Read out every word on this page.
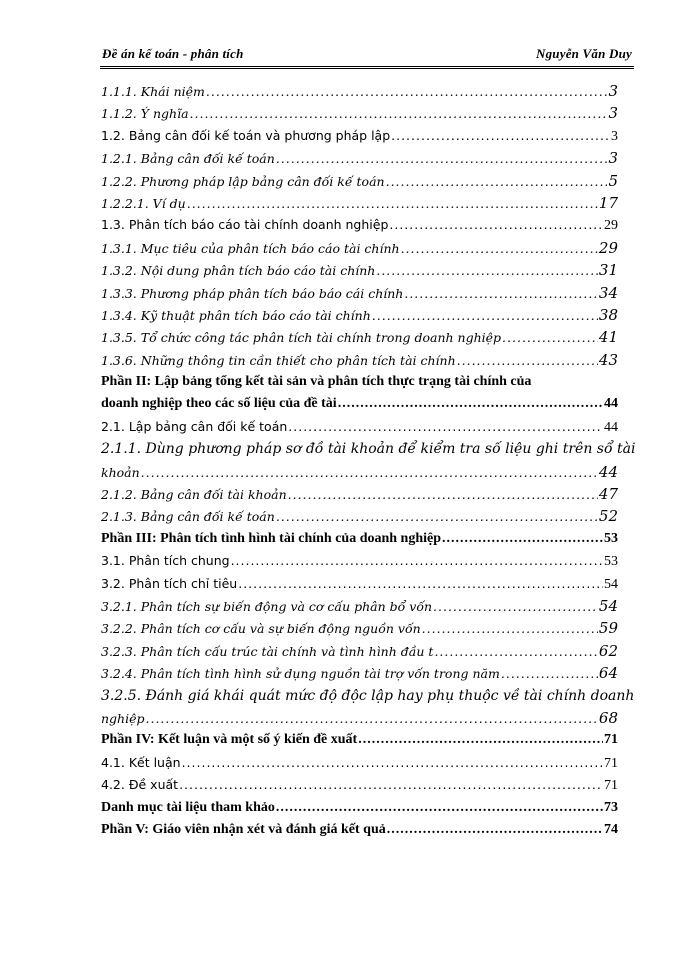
Đề án kế toán - phân tích	Nguyễn Văn Duy
1.1.1. Khái niệm .....	3
1.1.2. Ý nghĩa .....	3
1.2. Bảng cân đối kế toán và phương pháp lập .....	3
1.2.1. Bảng cân đối kế toán .....	3
1.2.2. Phương pháp lập bảng cân đối kế toán .....	5
1.2.2.1. Ví dụ .....	17
1.3. Phân tích báo cáo tài chính doanh nghiệp .....	29
1.3.1. Mục tiêu của phân tích báo cáo tài chính .....	29
1.3.2. Nội dung phân tích báo cáo tài chính .....	31
1.3.3. Phương pháp phân tích báo báo cái chính .....	34
1.3.4. Kỹ thuật phân tích báo cáo tài chính .....	38
1.3.5. Tổ chức công tác phân tích tài chính trong doanh nghiệp .....	41
1.3.6. Những thông tin cần thiết cho phân tích tài chính .....	43
Phần II: Lập bảng tổng kết tài sản và phân tích thực trạng tài chính của
doanh nghiệp theo các số liệu của đề tài .....	44
2.1. Lập bảng cân đối kế toán .....	44
2.1.1. Dùng phương pháp sơ đồ tài khoản để kiểm tra số liệu ghi trên sổ tài
khoản .....	44
2.1.2. Bảng cân đối tài khoản .....	47
2.1.3. Bảng cân đối kế toán .....	52
Phần III: Phân tích tình hình tài chính của doanh nghiệp .....	53
3.1. Phân tích chung .....	53
3.2. Phân tích chỉ tiêu .....	54
3.2.1. Phân tích sự biến động và cơ cấu phân bổ vốn .....	54
3.2.2. Phân tích cơ cấu và sự biến động nguồn vốn .....	59
3.2.3. Phân tích cấu trúc tài chính và tình hình đầu t .....	62
3.2.4. Phân tích tình hình sử dụng nguồn tài trợ vốn trong năm .....	64
3.2.5. Đánh giá khái quát mức độ độc lập hay phụ thuộc về tài chính doanh
nghiệp .....	68
Phần IV: Kết luận và một số ý kiến đề xuất .....	71
4.1. Kết luận .....	71
4.2. Đề xuất .....	71
Danh mục tài liệu tham khảo .....	73
Phần V: Giáo viên nhận xét và đánh giá kết quả .....	74
